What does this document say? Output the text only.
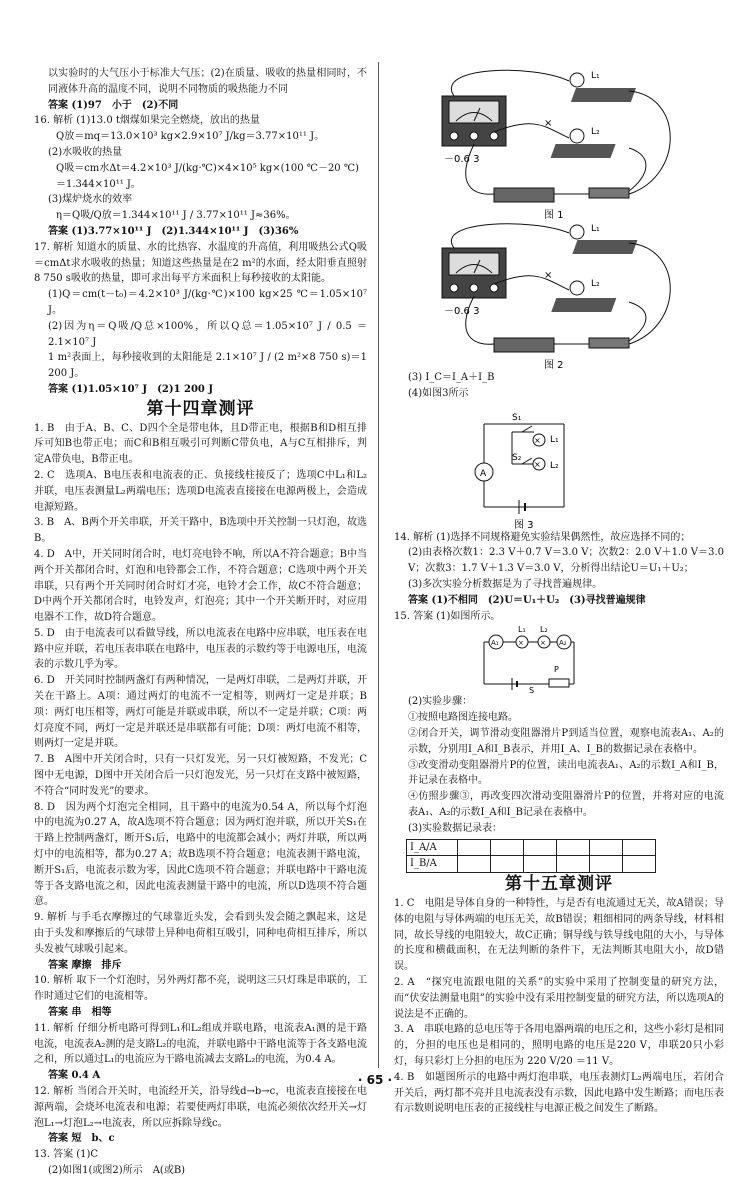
以实验时的大气压小于标准大气压；(2)在质量、吸收的热量相同时，不同液体升高的温度不同，说明不同物质的吸热能力不同

答案 (1)97　小于　(2)不同

16. 解析 (1)13.0 t烟煤如果完全燃烧，放出的热量

Q放＝mq＝13.0×10³ kg×2.9×10⁷ J/kg＝3.77×10¹¹ J。

(2)水吸收的热量

Q吸＝cm水Δt＝4.2×10³ J/(kg·℃)×4×10⁵ kg×(100 ℃－20 ℃)

＝1.344×10¹¹ J。

(3)煤炉烧水的效率

η＝Q吸/Q放＝1.344×10¹¹ J / 3.77×10¹¹ J≈36%。

答案 (1)3.77×10¹¹ J　(2)1.344×10¹¹ J　(3)36%

17. 解析 知道水的质量、水的比热容、水温度的升高值，利用吸热公式Q吸＝cmΔt求水吸收的热量；知道这些热量是在2 m²的水面，经太阳垂直照射8 750 s吸收的热量，即可求出每平方米面积上每秒接收的太阳能。

(1)Q＝cm(t－t₀)＝4.2×10³ J/(kg·℃)×100 kg×25 ℃＝1.05×10⁷ J。

(2)因为η＝Q吸/Q总×100%，所以Q总＝1.05×10⁷ J / 0.5 ＝2.1×10⁷ J

1 m²表面上，每秒接收到的太阳能是 2.1×10⁷ J / (2 m²×8 750 s)＝1 200 J。

答案 (1)1.05×10⁷ J　(2)1 200 J

第十四章测评

1. B　由于A、B、C、D四个全是带电体，且D带正电，根据B和D相互排斥可知B也带正电；而C和B相互吸引可判断C带负电，A与C互相排斥，判定A带负电，B带正电。

2. C　选项A、B电压表和电流表的正、负接线柱接反了；选项C中L₁和L₂并联，电压表测量L₂两端电压；选项D电流表直接接在电源两极上，会造成电源短路。

3. B　A、B两个开关串联，开关干路中，B选项中开关控制一只灯泡，故选B。

4. D　A中，开关同时闭合时，电灯亮电铃不响，所以A不符合题意；B中当两个开关都闭合时，灯泡和电铃都会工作，不符合题意；C选项中两个开关串联，只有两个开关同时闭合时灯才亮，电铃才会工作，故C不符合题意；D中两个开关都闭合时，电铃发声，灯泡亮；其中一个开关断开时，对应用电器不工作，故D符合题意。

5. D　由于电流表可以看做导线，所以电流表在电路中应串联，电压表在电路中应并联，若电压表串联在电路中，电压表的示数约等于电源电压，电流表的示数几乎为零。

6. D　开关同时控制两盏灯有两种情况，一是两灯串联，二是两灯并联，开关在干路上。A项：通过两灯的电流不一定相等，则两灯一定是并联；B项：两灯电压相等，两灯可能是并联或串联，所以不一定是并联；C项：两灯亮度不同，两灯一定是并联还是串联都有可能；D项：两灯电流不相等，则两灯一定是并联。

7. B　A图中开关闭合时，只有一只灯发光，另一只灯被短路，不发光；C图中无电源，D图中开关闭合后一只灯泡发光，另一只灯在支路中被短路，不符合“同时发光”的要求。

8. D　因为两个灯泡完全相同，且干路中的电流为0.54 A，所以每个灯泡中的电流为0.27 A，故A选项不符合题意；因为两灯泡并联，所以开关S₁在干路上控制两盏灯，断开S₁后，电路中的电流都会减小；两灯并联，所以两灯中的电流相等，都为0.27 A；故B选项不符合题意；电流表测干路电流，断开S₁后，电流表示数为零，因此C选项不符合题意；并联电路中干路电流等于各支路电流之和，因此电流表测量干路中的电流，所以D选项不符合题意。

9. 解析 与手毛衣摩擦过的气球靠近头发，会看到头发会随之飘起来，这是由于头发和摩擦后的气球带上异种电荷相互吸引，同种电荷相互排斥，所以头发被气球吸引起来。

答案 摩擦　排斥

10. 解析 取下一个灯泡时，另外两灯都不亮，说明这三只灯珠是串联的，工作时通过它们的电流相等。

答案 串　相等

11. 解析 仔细分析电路可得到L₁和L₂组成并联电路，电流表A₁测的是干路电流，电流表A₂测的是支路L₂的电流，并联电路中干路电流等于各支路电流之和，所以通过L₁的电流应为干路电流减去支路L₂的电流，为0.4 A。

答案 0.4 A

12. 解析 当闭合开关时，电流经开关，沿导线d→b→c，电流表直接接在电源两端，会烧坏电流表和电源；若要使两灯串联，电流必须依次经开关→灯泡L₁→灯泡L₂→电流表，所以应拆除导线c。

答案 短　b、c

13. 答案 (1)C

(2)如图1(或图2)所示　A(或B)

－0.6 3
L₁
L₂
×
图 1
－0.6 3
L₁
L₂
×
图 2

(3) I_C＝I_A＋I_B

(4)如图3所示

A
S₁
× L₁
S₂
× L₂
图 3

14. 解析 (1)选择不同规格避免实验结果偶然性，故应选择不同的；

(2)由表格次数1：2.3 V＋0.7 V＝3.0 V；次数2：2.0 V＋1.0 V＝3.0 V；次数3：1.7 V＋1.3 V＝3.0 V，分析得出结论U＝U₁＋U₂；

(3)多次实验分析数据是为了寻找普遍规律。

答案 (1)不相同　(2)U＝U₁＋U₂　(3)寻找普遍规律

15. 答案 (1)如图所示。

A₁	× × A₂
L₁ L₂
P
S

(2)实验步骤：

①按照电路图连接电路。

②闭合开关，调节滑动变阻器滑片P到适当位置，观察电流表A₁、A₂的示数，分别用I_A和I_B表示，并用I_A、I_B的数据记录在表格中。

③改变滑动变阻器滑片P的位置，读出电流表A₁、A₂的示数I_A和I_B，并记录在表格中。

④仿照步骤③，再改变四次滑动变阻器滑片P的位置，并将对应的电流表A₁、A₂的示数I_A和I_B记录在表格中。

(3)实验数据记录表：

I_A/A						
I_B/A						
第十五章测评

1. C　电阻是导体自身的一种特性，与是否有电流通过无关，故A错误；导体的电阻与导体两端的电压无关，故B错误；粗细相同的两条导线，材料相同，故长导线的电阻较大，故C正确；铜导线与铁导线电阻的大小，与导体的长度和横截面积，在无法判断的条件下，无法判断其电阻大小，故D错误。

2. A　“探究电流跟电阻的关系”的实验中采用了控制变量的研究方法，而“伏安法测量电阻”的实验中没有采用控制变量的研究方法，所以选项A的说法是不正确的。

3. A　串联电路的总电压等于各用电器两端的电压之和，这些小彩灯是相同的，分担的电压也是相同的，照明电路的电压是220 V，串联20只小彩灯，每只彩灯上分担的电压为 220 V/20 ＝11 V。

4. B　如题图所示的电路中两灯泡串联，电压表测灯L₂两端电压，若闭合开关后，两灯都不亮并且电流表没有示数，因此电路中发生断路；而电压表有示数则说明电压表的正接线柱与电源正极之间发生了断路。

· 65 ·
